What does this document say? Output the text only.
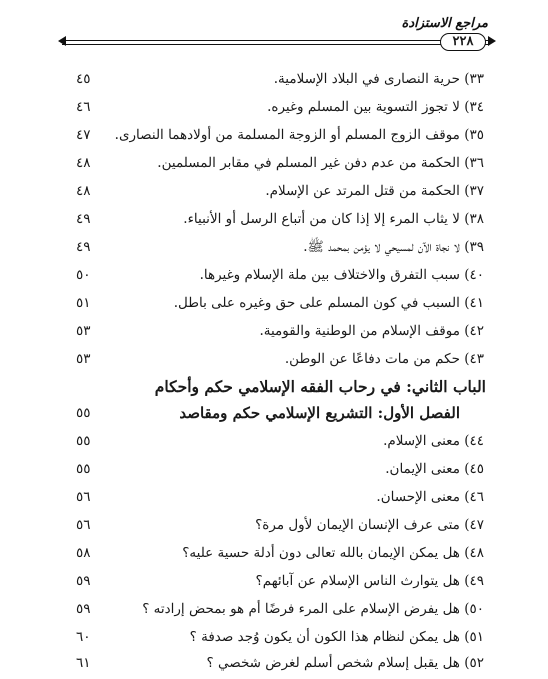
مراجع الاستزادة
٢٢٨
٣٣) حرية النصارى في البلاد الإسلامية.
٤٥
٣٤) لا تجوز التسوية بين المسلم وغيره.
٤٦
٣٥) موقف الزوج المسلم أو الزوجة المسلمة من أولادهما النصارى.
٤٧
٣٦) الحكمة من عدم دفن غير المسلم في مقابر المسلمين.
٤٨
٣٧) الحكمة من قتل المرتد عن الإسلام.
٤٨
٣٨) لا يثاب المرء إلا إذا كان من أتباع الرسل أو الأنبياء.
٤٩
٣٩) لا نجاة الآن لمسيحي لا يؤمن بمحمد ﷺ.
٤٩
٤٠) سبب التفرق والاختلاف بين ملة الإسلام وغيرها.
٥٠
٤١) السبب في كون المسلم على حق وغيره على باطل.
٥١
٤٢) موقف الإسلام من الوطنية والقومية.
٥٣
٤٣) حكم من مات دفاعًا عن الوطن.
٥٣
الباب الثاني: في رحاب الفقه الإسلامي حكم وأحكام
الفصل الأول: التشريع الإسلامي حكم ومقاصد
٥٥
٤٤) معنى الإسلام.
٥٥
٤٥) معنى الإيمان.
٥٥
٤٦) معنى الإحسان.
٥٦
٤٧) متى عرف الإنسان الإيمان لأول مرة؟
٥٦
٤٨) هل يمكن الإيمان بالله تعالى دون أدلة حسية عليه؟
٥٨
٤٩) هل يتوارث الناس الإسلام عن آبائهم؟
٥٩
٥٠) هل يفرض الإسلام على المرء فرضًا أم هو بمحض إرادته ؟
٥٩
٥١) هل يمكن لنظام هذا الكون أن يكون وُجد صدفة ؟
٦٠
٥٢) هل يقبل إسلام شخص أسلم لغرض شخصي ؟
٦١
